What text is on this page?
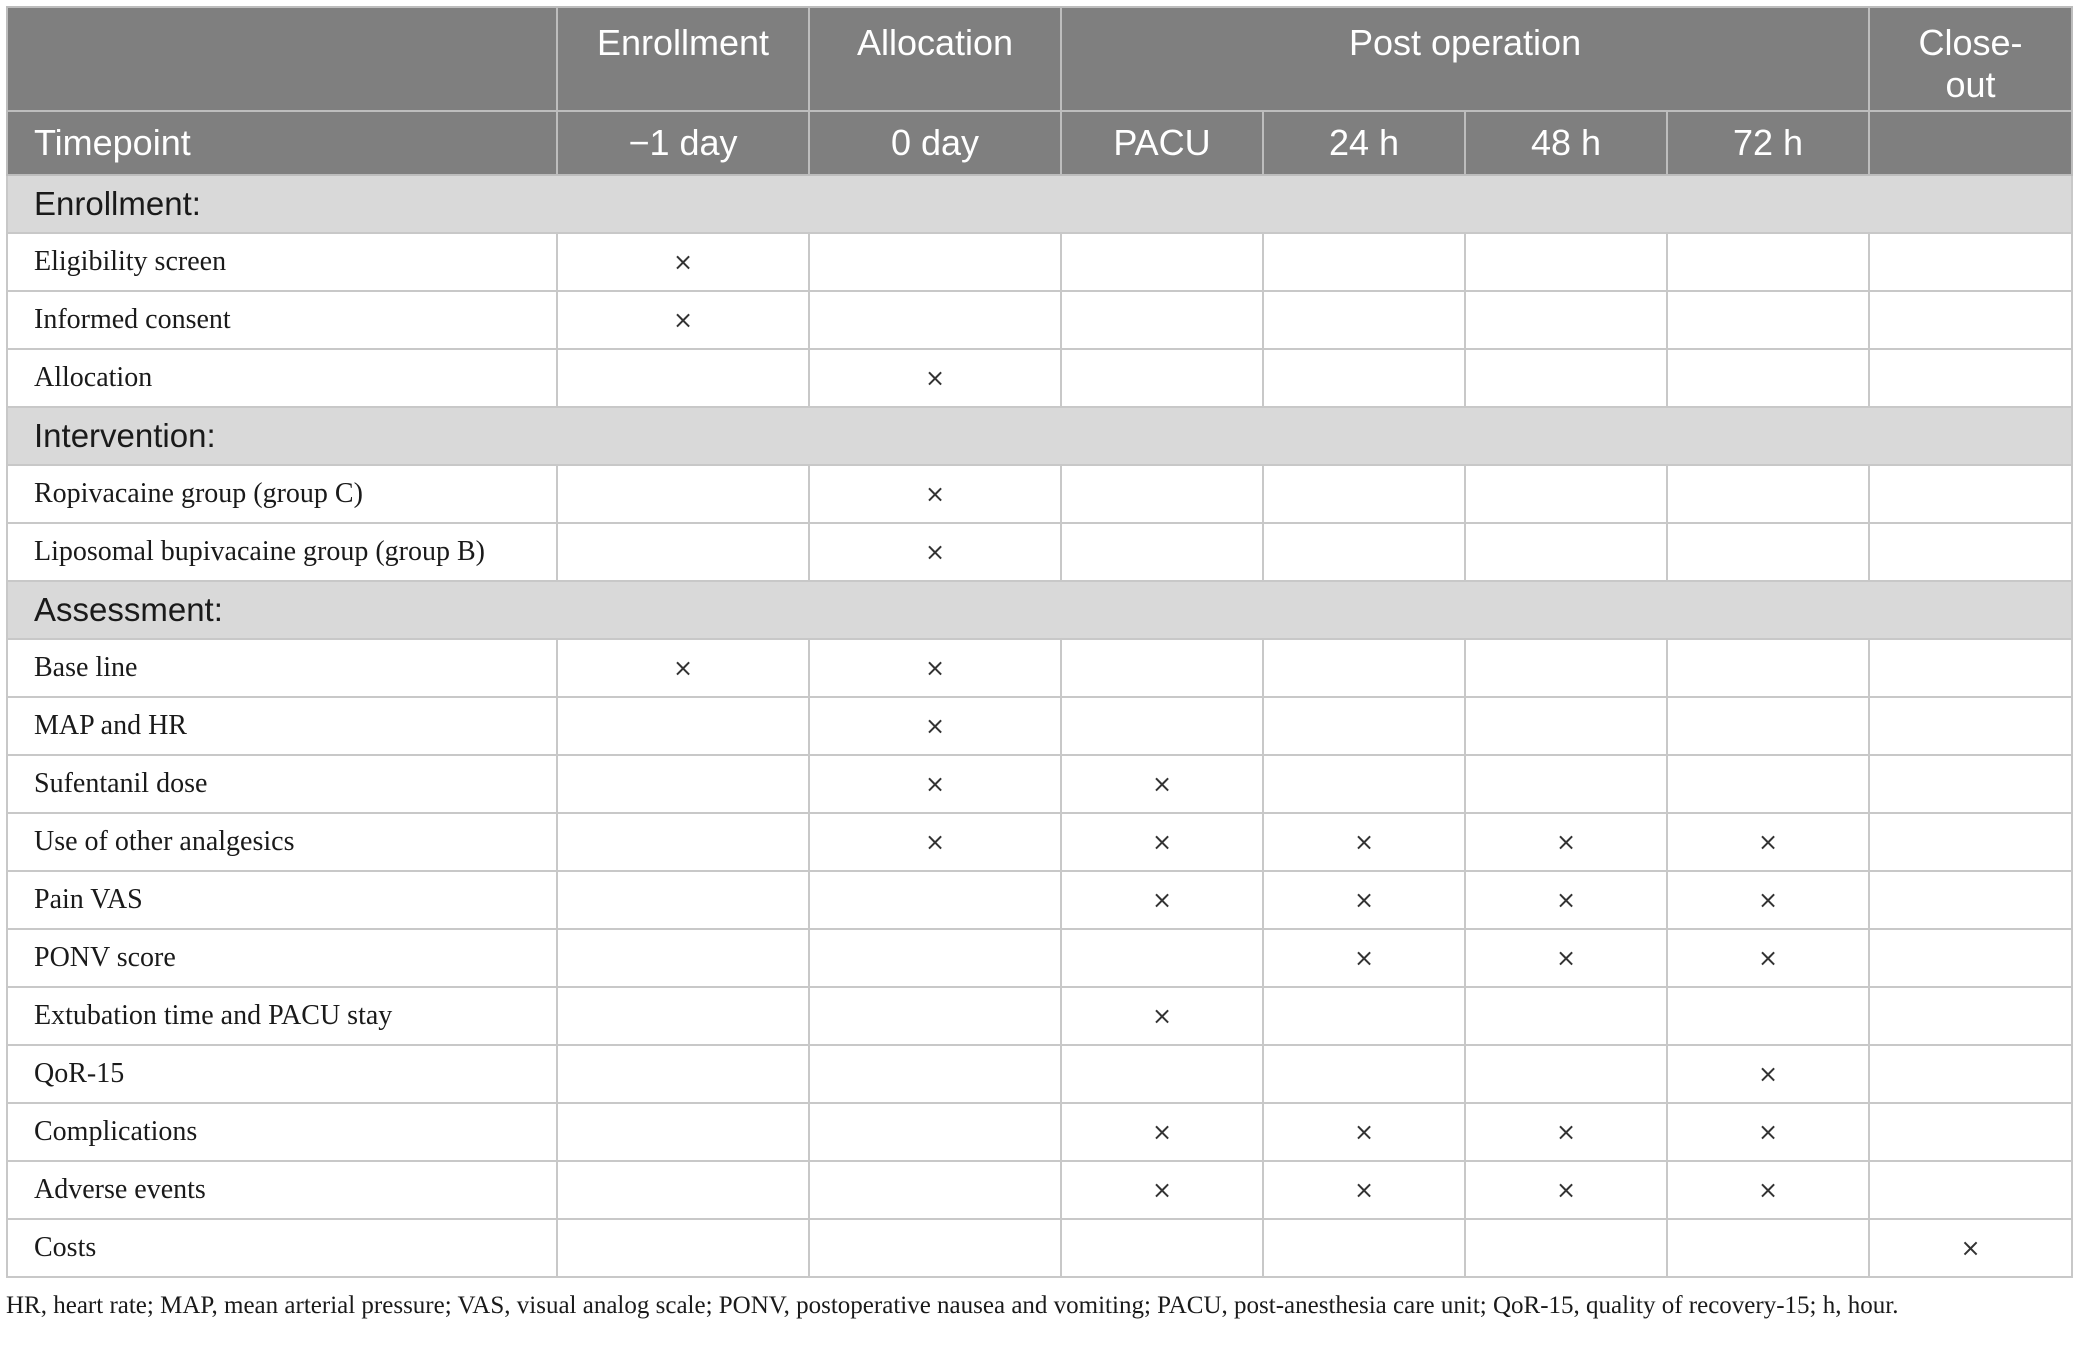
	Enrollment	Allocation	Post operation				Close-
out
Timepoint	−1 day	0 day	PACU	24 h	48 h	72 h	
Enrollment:							
Eligibility screen	×						
Informed consent	×						
Allocation		×					
Intervention:							
Ropivacaine group (group C)		×					
Liposomal bupivacaine group (group B)		×					
Assessment:							
Base line	×	×					
MAP and HR		×					
Sufentanil dose		×	×				
Use of other analgesics		×	×	×	×	×	
Pain VAS			×	×	×	×	
PONV score				×	×	×	
Extubation time and PACU stay			×				
QoR-15						×	
Complications			×	×	×	×	
Adverse events			×	×	×	×	
Costs							×
HR, heart rate; MAP, mean arterial pressure; VAS, visual analog scale; PONV, postoperative nausea and vomiting; PACU, post-anesthesia care unit; QoR-15, quality of recovery-15; h, hour.
